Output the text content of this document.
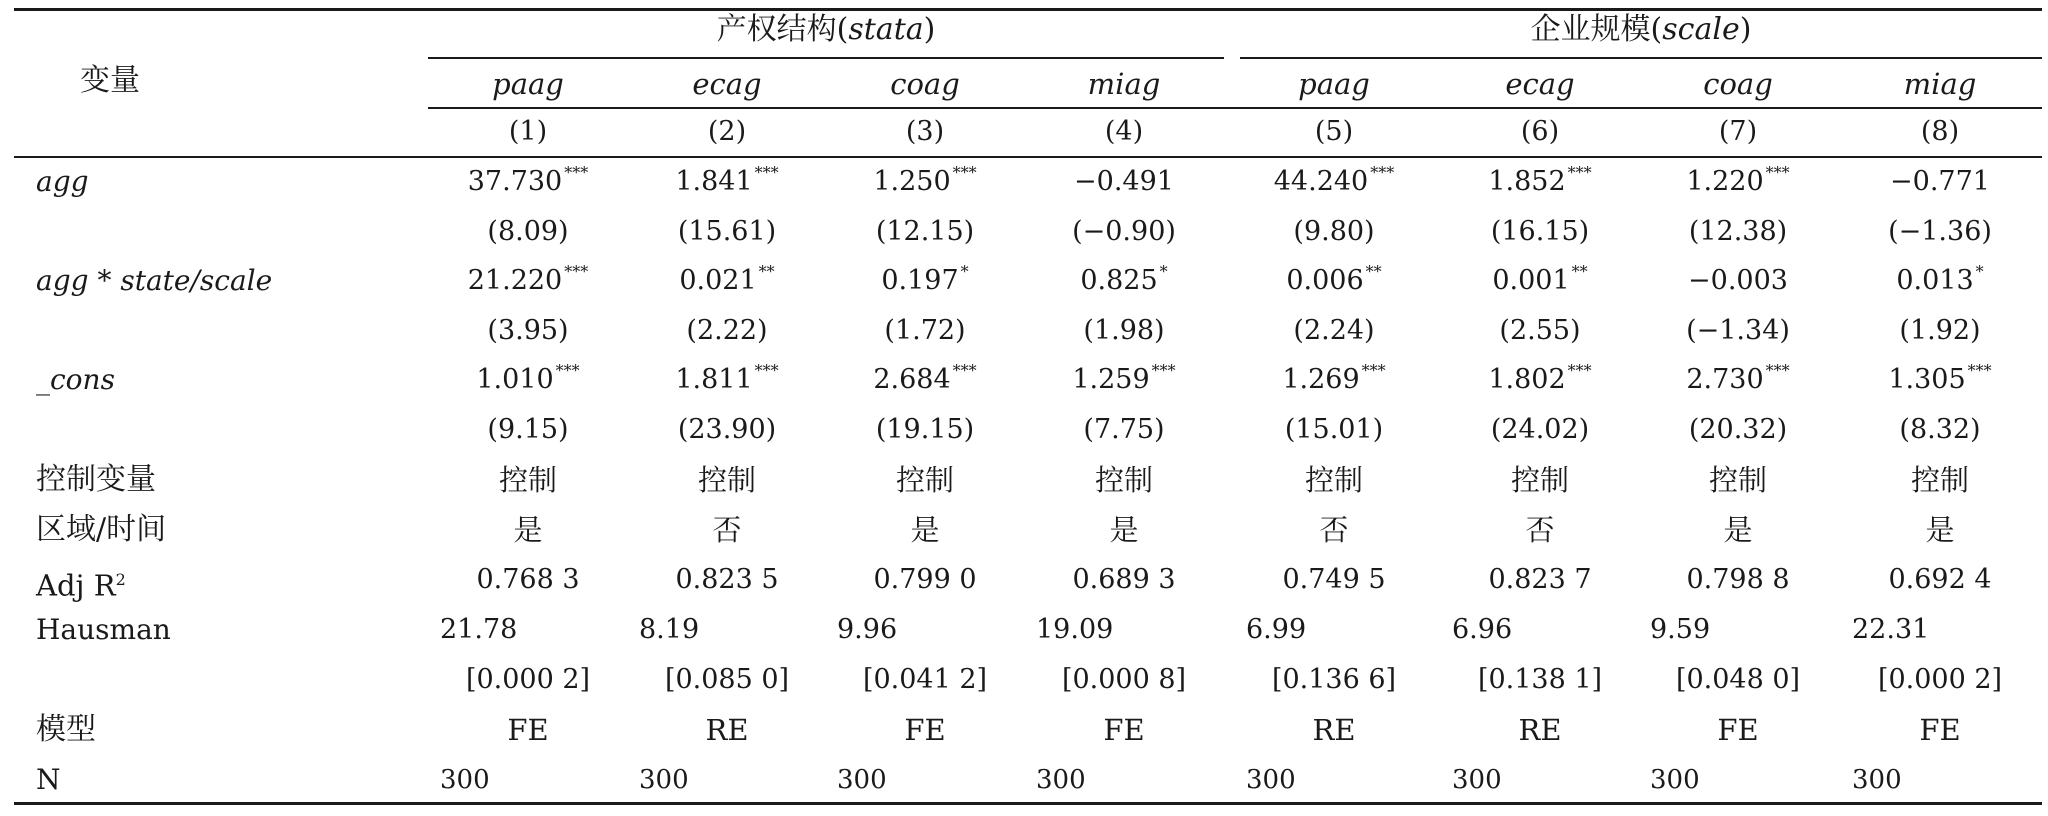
变量
产权结构(stata)	企业规模(scale)
paag	ecag	coag	miag	paag	ecag	coag	miag
(1)	(2)	(3)	(4)	(5)	(6)	(7)	(8)
agg	37.730 ***	1.841 ***	1.250 ***	−0.491	44.240 ***	1.852 ***	1.220 ***	−0.771
(8.09)	(15.61)	(12.15)	(−0.90)	(9.80)	(16.15)	(12.38)	(−1.36)
agg * state/scale	21.220 ***	0.021 **	0.197 *	0.825 *	0.006 **	0.001 **	−0.003	0.013 *
(3.95)	(2.22)	(1.72)	(1.98)	(2.24)	(2.55)	(−1.34)	(1.92)
_cons	1.010 ***	1.811 ***	2.684 ***	1.259 ***	1.269 ***	1.802 ***	2.730 ***	1.305 ***
(9.15)	(23.90)	(19.15)	(7.75)	(15.01)	(24.02)	(20.32)	(8.32)
控制变量	控制	控制	控制	控制	控制	控制	控制	控制
区域/时间	是	否	是	是	否	否	是	是
Adj $R^2$	0.768 3	0.823 5	0.799 0	0.689 3	0.749 5	0.823 7	0.798 8	0.692 4
Hausman	21.78	8.19	9.96	19.09	6.99	6.96	9.59	22.31
[0.000 2]	[0.085 0]	[0.041 2]	[0.000 8]	[0.136 6]	[0.138 1]	[0.048 0]	[0.000 2]
模型	FE	RE	FE	FE	RE	RE	FE	FE
N	300	300	300	300	300	300	300	300
